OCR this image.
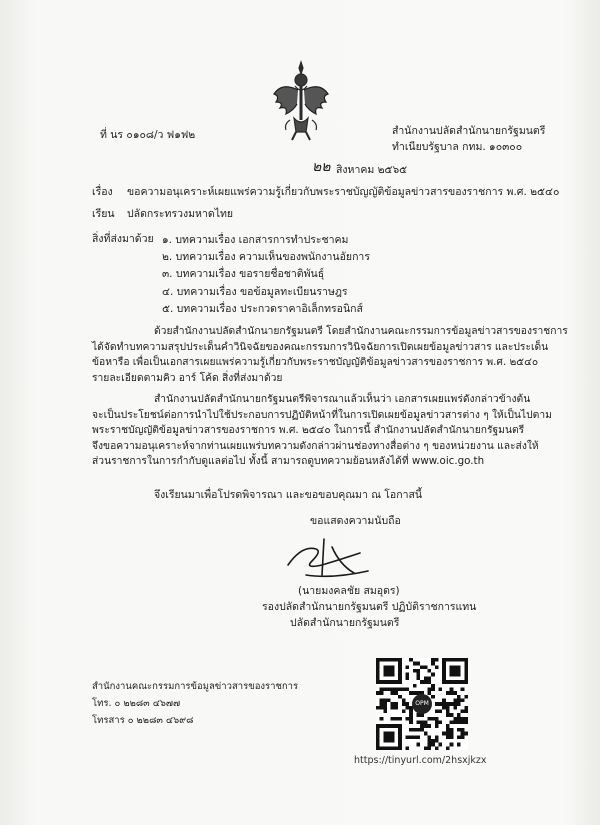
ที่ นร ๐๑๐๘/ว ฟ๑ฟ๒	สำนักงานปลัดสำนักนายกรัฐมนตรี
ทำเนียบรัฐบาล กทม. ๑๐๓๐๐
๒๒ สิงหาคม ๒๕๖๕
เรื่อง ขอความอนุเคราะห์เผยแพร่ความรู้เกี่ยวกับพระราชบัญญัติข้อมูลข่าวสารของราชการ พ.ศ. ๒๕๔๐
เรียน ปลัดกระทรวงมหาดไทย
สิ่งที่ส่งมาด้วย ๑. บทความเรื่อง เอกสารการทำประชาคม
๒. บทความเรื่อง ความเห็นของพนักงานอัยการ
๓. บทความเรื่อง ขอรายชื่อชาติพันธุ์
๔. บทความเรื่อง ขอข้อมูลทะเบียนราษฎร
๕. บทความเรื่อง ประกวดราคาอิเล็กทรอนิกส์
ด้วยสำนักงานปลัดสำนักนายกรัฐมนตรี โดยสำนักงานคณะกรรมการข้อมูลข่าวสารของราชการ
ได้จัดทำบทความสรุปประเด็นคำวินิจฉัยของคณะกรรมการวินิจฉัยการเปิดเผยข้อมูลข่าวสาร และประเด็น
ข้อหารือ เพื่อเป็นเอกสารเผยแพร่ความรู้เกี่ยวกับพระราชบัญญัติข้อมูลข่าวสารของราชการ พ.ศ. ๒๕๔๐
รายละเอียดตามคิว อาร์ โค้ด สิ่งที่ส่งมาด้วย
สำนักงานปลัดสำนักนายกรัฐมนตรีพิจารณาแล้วเห็นว่า เอกสารเผยแพร่ดังกล่าวข้างต้น
จะเป็นประโยชน์ต่อการนำไปใช้ประกอบการปฏิบัติหน้าที่ในการเปิดเผยข้อมูลข่าวสารต่าง ๆ ให้เป็นไปตาม
พระราชบัญญัติข้อมูลข่าวสารของราชการ พ.ศ. ๒๕๔๐ ในการนี้ สำนักงานปลัดสำนักนายกรัฐมนตรี
จึงขอความอนุเคราะห์จากท่านเผยแพร่บทความดังกล่าวผ่านช่องทางสื่อต่าง ๆ ของหน่วยงาน และส่งให้
ส่วนราชการในการกำกับดูแลต่อไป ทั้งนี้ สามารถดูบทความย้อนหลังได้ที่ www.oic.go.th
จึงเรียนมาเพื่อโปรดพิจารณา และขอขอบคุณมา ณ โอกาสนี้
ขอแสดงความนับถือ
(นายมงคลชัย สมอุดร)
รองปลัดสำนักนายกรัฐมนตรี ปฏิบัติราชการแทน
ปลัดสำนักนายกรัฐมนตรี
สำนักงานคณะกรรมการข้อมูลข่าวสารของราชการ
โทร. ๐ ๒๒๘๓ ๔๖๗๗
โทรสาร ๐ ๒๒๘๓ ๔๖๙๘
OPM
https://tinyurl.com/2hsxjkzx
